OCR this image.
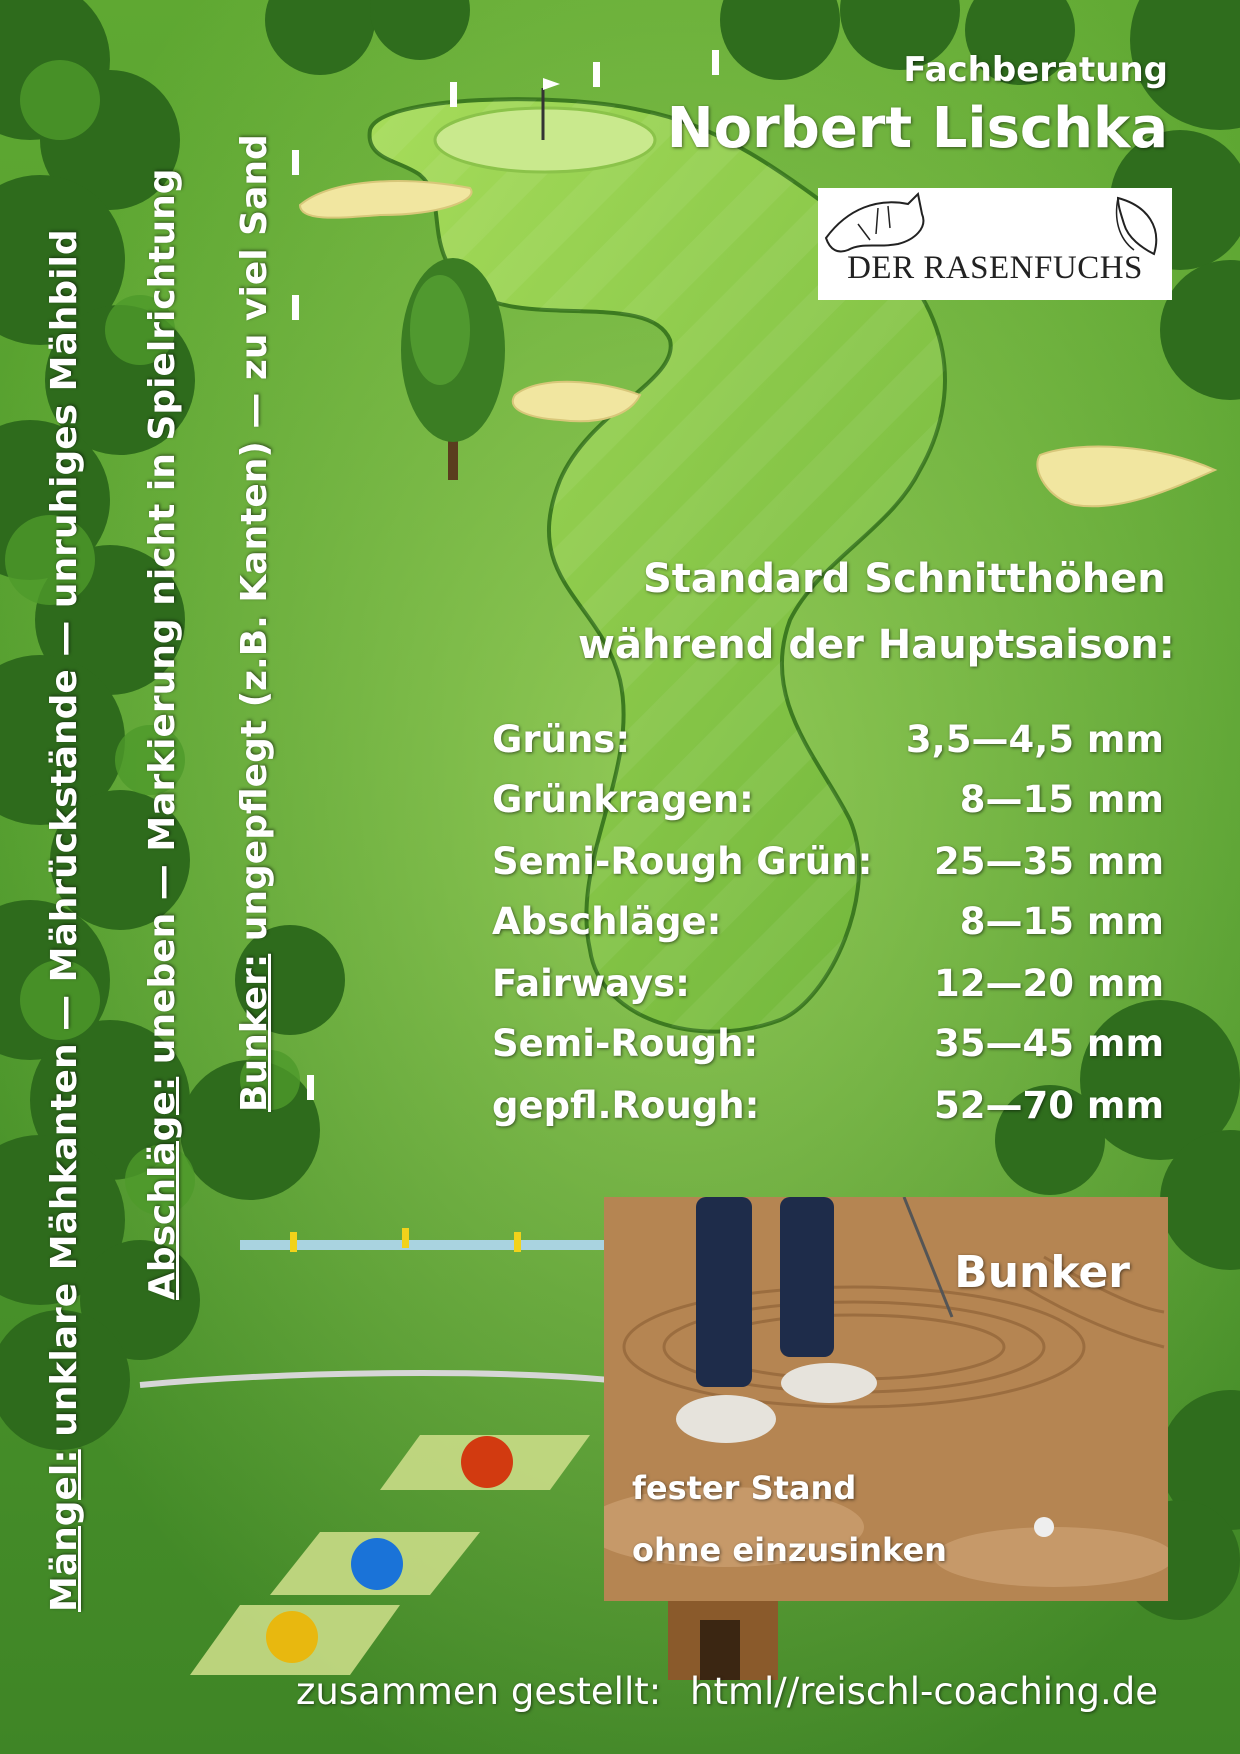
Fachberatung
Norbert Lischka
DER RASENFUCHS
Standard Schnitthöhen
während der Hauptsaison:
Grüns:	3,5—4,5 mm
Grünkragen:	8—15 mm
Semi-Rough Grün: 25—35 mm
Abschläge:	8—15 mm
Fairways:	12—20 mm
Semi-Rough:	35—45 mm
gepfl.Rough:	52—70 mm
Bunker
fester Stand
ohne einzusinken
Mängel: unklare Mähkanten — Mährückstände — unruhiges Mähbild Abschläge: uneben — Markierung nicht in Spielrichtung Bunker: ungepflegt (z.B. Kanten) — zu viel Sand
zusammen gestellt: html//reischl-coaching.de
